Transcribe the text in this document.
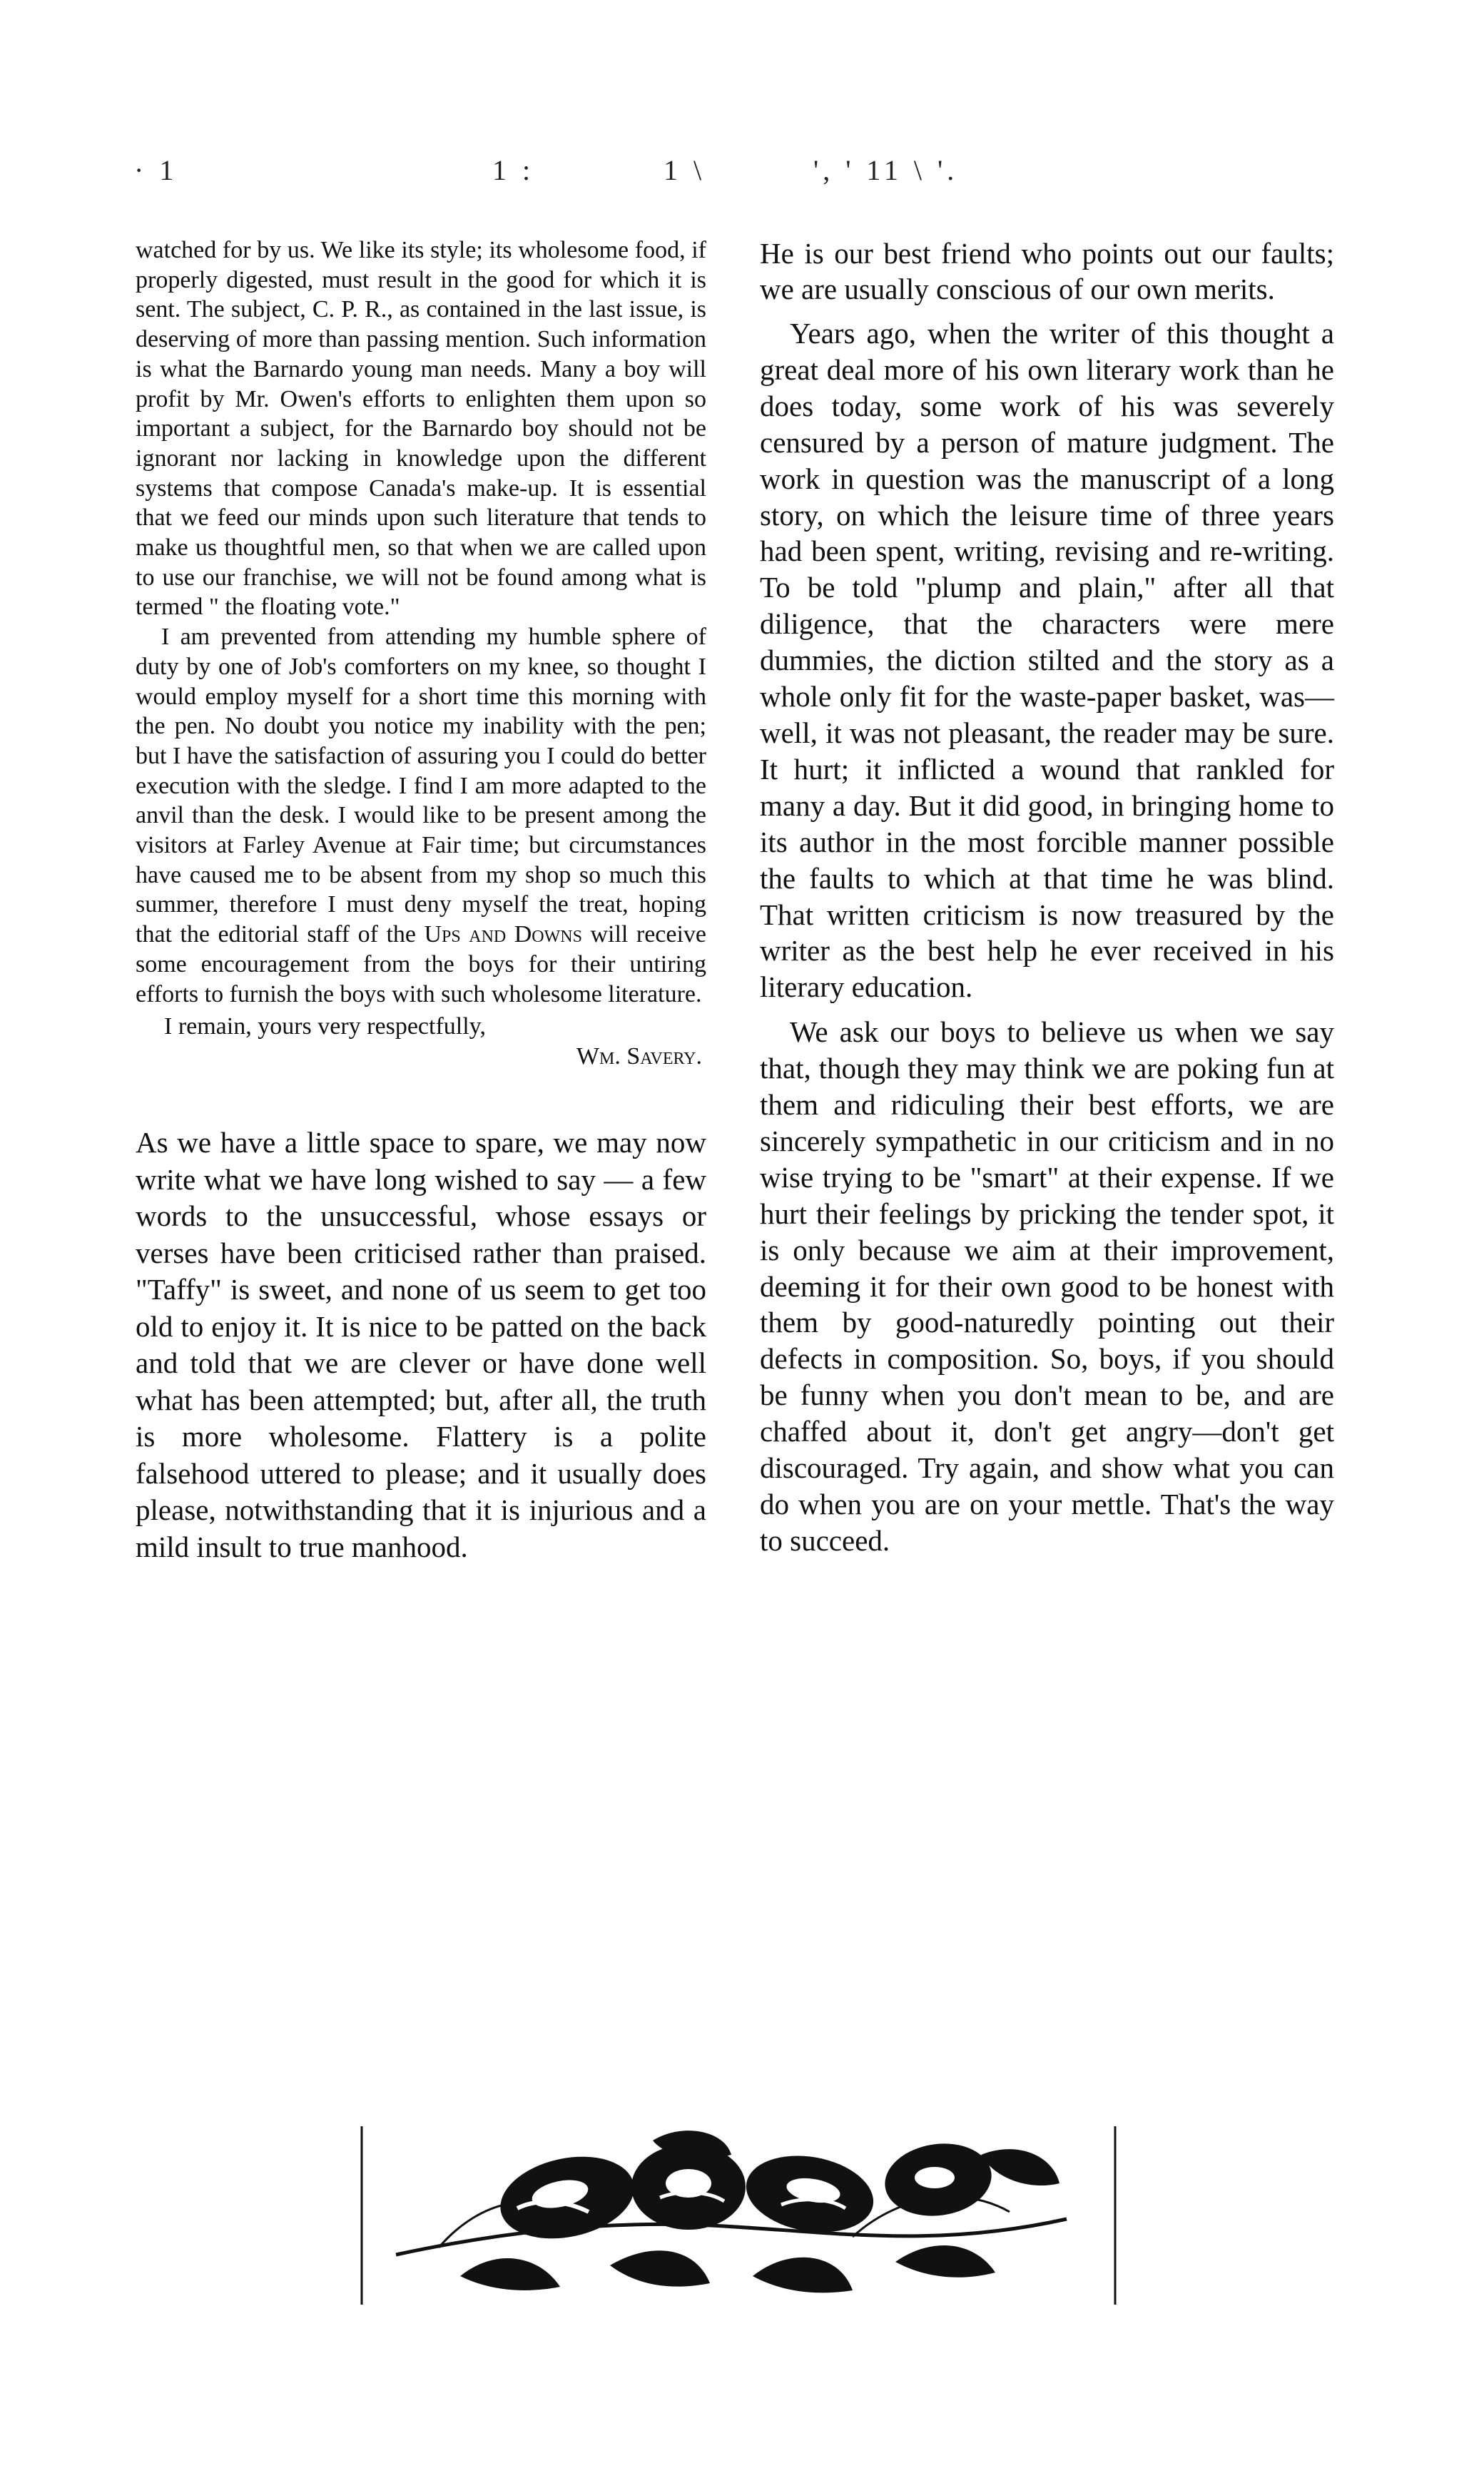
· 1	1 :	1 \	', ' 11 \ '.

watched for by us. We like its style; its wholesome food, if properly digested, must result in the good for which it is sent. The subject, C. P. R., as contained in the last issue, is deserving of more than passing mention. Such information is what the Barnardo young man needs. Many a boy will profit by Mr. Owen's efforts to enlighten them upon so important a subject, for the Barnardo boy should not be ignorant nor lacking in knowledge upon the different systems that compose Canada's make-up. It is essential that we feed our minds upon such literature that tends to make us thoughtful men, so that when we are called upon to use our franchise, we will not be found among what is termed " the floating vote."

I am prevented from attending my humble sphere of duty by one of Job's comforters on my knee, so thought I would employ myself for a short time this morning with the pen. No doubt you notice my inability with the pen; but I have the satisfaction of assuring you I could do better execution with the sledge. I find I am more adapted to the anvil than the desk. I would like to be present among the visitors at Farley Avenue at Fair time; but circumstances have caused me to be absent from my shop so much this summer, therefore I must deny myself the treat, hoping that the editorial staff of the Ups and Downs will receive some encouragement from the boys for their untiring efforts to furnish the boys with such wholesome literature.

I remain, yours very respectfully,
Wm. Savery.

As we have a little space to spare, we may now write what we have long wished to say — a few words to the unsuccessful, whose essays or verses have been criticised rather than praised. "Taffy" is sweet, and none of us seem to get too old to enjoy it. It is nice to be patted on the back and told that we are clever or have done well what has been attempted; but, after all, the truth is more wholesome. Flattery is a polite falsehood uttered to please; and it usually does please, notwithstanding that it is injurious and a mild insult to true manhood.

He is our best friend who points out our faults; we are usually conscious of our own merits.

Years ago, when the writer of this thought a great deal more of his own literary work than he does today, some work of his was severely censured by a person of mature judgment. The work in question was the manuscript of a long story, on which the leisure time of three years had been spent, writing, revising and re-writing. To be told "plump and plain," after all that diligence, that the characters were mere dummies, the diction stilted and the story as a whole only fit for the waste-paper basket, was—well, it was not pleasant, the reader may be sure. It hurt; it inflicted a wound that rankled for many a day. But it did good, in bringing home to its author in the most forcible manner possible the faults to which at that time he was blind. That written criticism is now treasured by the writer as the best help he ever received in his literary education.

We ask our boys to believe us when we say that, though they may think we are poking fun at them and ridiculing their best efforts, we are sincerely sympathetic in our criticism and in no wise trying to be "smart" at their expense. If we hurt their feelings by pricking the tender spot, it is only because we aim at their improvement, deeming it for their own good to be honest with them by good-naturedly pointing out their defects in composition. So, boys, if you should be funny when you don't mean to be, and are chaffed about it, don't get angry—don't get discouraged. Try again, and show what you can do when you are on your mettle. That's the way to succeed.
